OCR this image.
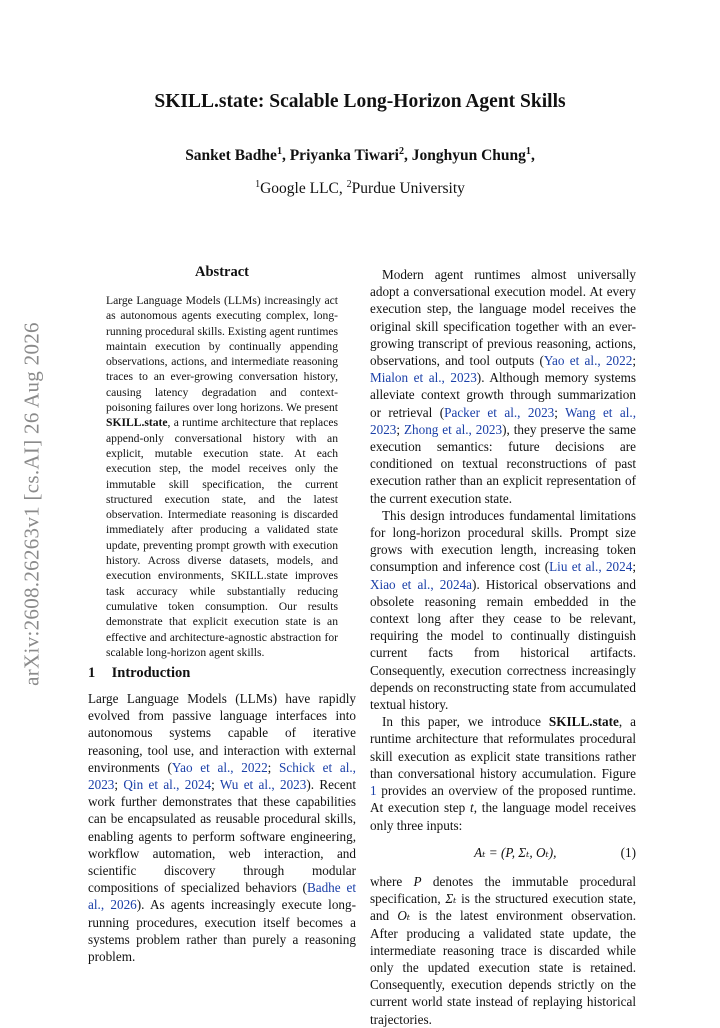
arXiv:2608.26263v1 [cs.AI] 26 Aug 2026
SKILL.state: Scalable Long-Horizon Agent Skills
Sanket Badhe$^1$, Priyanka Tiwari$^2$, Jonghyun Chung$^1$,
$^1$Google LLC, $^2$Purdue University
Abstract

Large Language Models (LLMs) increasingly act as autonomous agents executing complex, long-running procedural skills. Existing agent runtimes maintain execution by continually appending observations, actions, and intermediate reasoning traces to an ever-growing conversation history, causing latency degradation and context-poisoning failures over long horizons. We present SKILL.state, a runtime architecture that replaces append-only conversational history with an explicit, mutable execution state. At each execution step, the model receives only the immutable skill specification, the current structured execution state, and the latest observation. Intermediate reasoning is discarded immediately after producing a validated state update, preventing prompt growth with execution history. Across diverse datasets, models, and execution environments, SKILL.state improves task accuracy while substantially reducing cumulative token consumption. Our results demonstrate that explicit execution state is an effective and architecture-agnostic abstraction for scalable long-horizon agent skills.

1 Introduction

Large Language Models (LLMs) have rapidly evolved from passive language interfaces into autonomous systems capable of iterative reasoning, tool use, and interaction with external environments (Yao et al., 2022; Schick et al., 2023; Qin et al., 2024; Wu et al., 2023). Recent work further demonstrates that these capabilities can be encapsulated as reusable procedural skills, enabling agents to perform software engineering, workflow automation, web interaction, and scientific discovery through modular compositions of specialized behaviors (Badhe et al., 2026). As agents increasingly execute long-running procedures, execution itself becomes a systems problem rather than purely a reasoning problem.

Modern agent runtimes almost universally adopt a conversational execution model. At every execution step, the language model receives the original skill specification together with an ever-growing transcript of previous reasoning, actions, observations, and tool outputs (Yao et al., 2022; Mialon et al., 2023). Although memory systems alleviate context growth through summarization or retrieval (Packer et al., 2023; Wang et al., 2023; Zhong et al., 2023), they preserve the same execution semantics: future decisions are conditioned on textual reconstructions of past execution rather than an explicit representation of the current execution state.

This design introduces fundamental limitations for long-horizon procedural skills. Prompt size grows with execution length, increasing token consumption and inference cost (Liu et al., 2024; Xiao et al., 2024a). Historical observations and obsolete reasoning remain embedded in the context long after they cease to be relevant, requiring the model to continually distinguish current facts from historical artifacts. Consequently, execution correctness increasingly depends on reconstructing state from accumulated textual history.

In this paper, we introduce SKILL.state, a runtime architecture that reformulates procedural skill execution as explicit state transitions rather than conversational history accumulation. Figure 1 provides an overview of the proposed runtime. At execution step t, the language model receives only three inputs:

Aₜ = (P, Σₜ, Oₜ),	(1)

where P denotes the immutable procedural specification, Σₜ is the structured execution state, and Oₜ is the latest environment observation. After producing a validated state update, the intermediate reasoning trace is discarded while only the updated execution state is retained. Consequently, execution depends strictly on the current world state instead of replaying historical trajectories.
